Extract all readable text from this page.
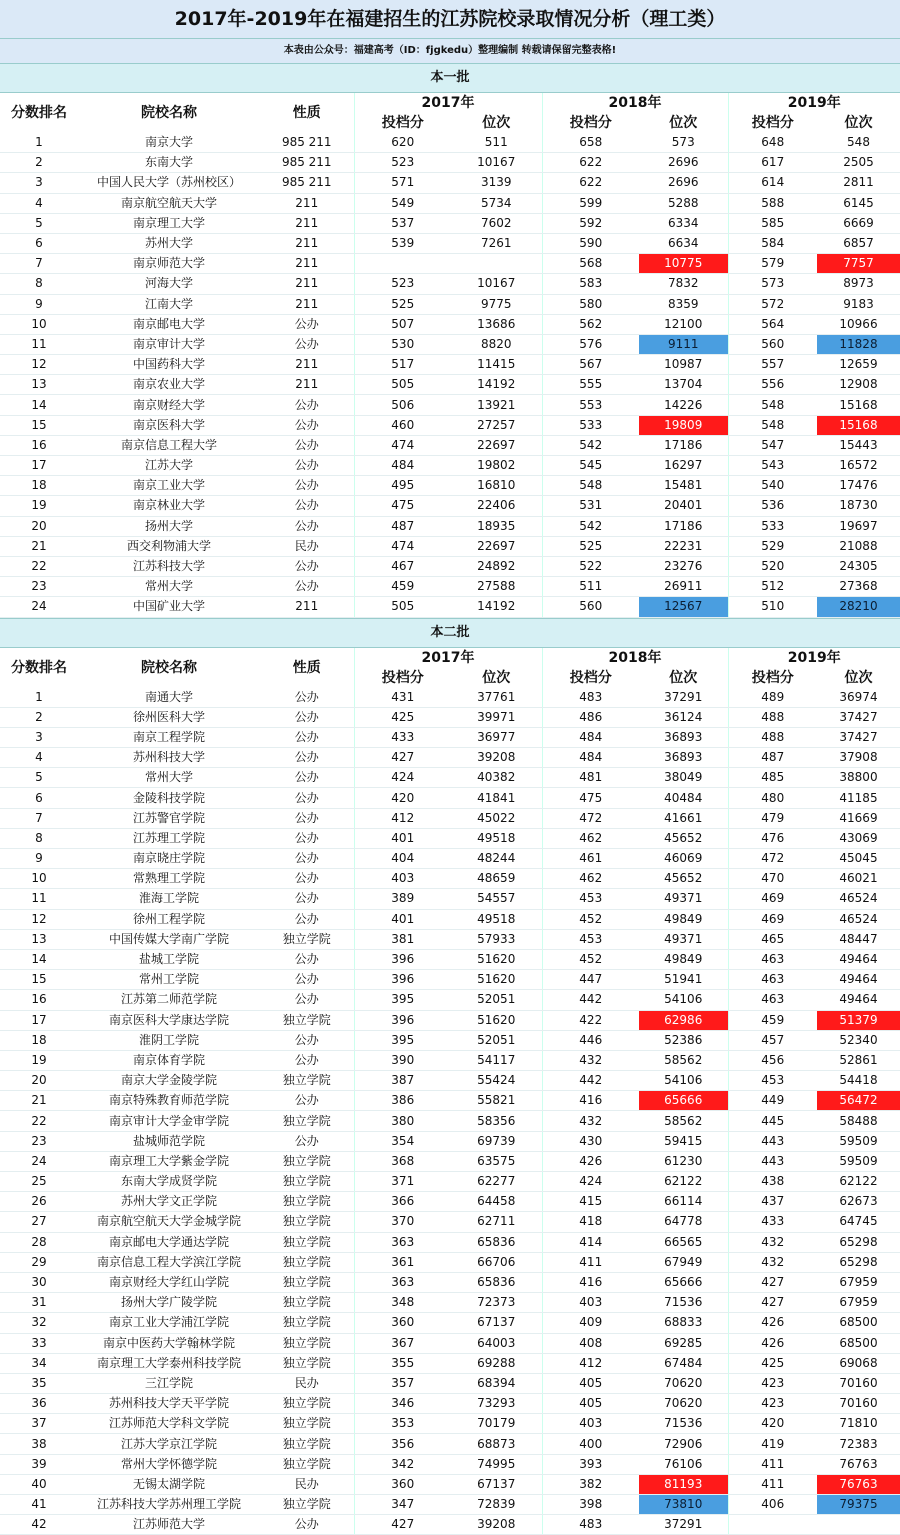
2017年-2019年在福建招生的江苏院校录取情况分析（理工类）
本表由公众号：福建高考（ID：fjgkedu）整理编制 转载请保留完整表格!
本一批
分数排名	院校名称	性质	2017年		2018年		2019年	
			投档分	位次	投档分	位次	投档分	位次
1	南京大学	985 211	620	511	658	573	648	548
2	东南大学	985 211	523	10167	622	2696	617	2505
3	中国人民大学（苏州校区）	985 211	571	3139	622	2696	614	2811
4	南京航空航天大学	211	549	5734	599	5288	588	6145
5	南京理工大学	211	537	7602	592	6334	585	6669
6	苏州大学	211	539	7261	590	6634	584	6857
7	南京师范大学	211			568	10775	579	7757
8	河海大学	211	523	10167	583	7832	573	8973
9	江南大学	211	525	9775	580	8359	572	9183
10	南京邮电大学	公办	507	13686	562	12100	564	10966
11	南京审计大学	公办	530	8820	576	9111	560	11828
12	中国药科大学	211	517	11415	567	10987	557	12659
13	南京农业大学	211	505	14192	555	13704	556	12908
14	南京财经大学	公办	506	13921	553	14226	548	15168
15	南京医科大学	公办	460	27257	533	19809	548	15168
16	南京信息工程大学	公办	474	22697	542	17186	547	15443
17	江苏大学	公办	484	19802	545	16297	543	16572
18	南京工业大学	公办	495	16810	548	15481	540	17476
19	南京林业大学	公办	475	22406	531	20401	536	18730
20	扬州大学	公办	487	18935	542	17186	533	19697
21	西交利物浦大学	民办	474	22697	525	22231	529	21088
22	江苏科技大学	公办	467	24892	522	23276	520	24305
23	常州大学	公办	459	27588	511	26911	512	27368
24	中国矿业大学	211	505	14192	560	12567	510	28210
本二批
分数排名	院校名称	性质	2017年		2018年		2019年	
			投档分	位次	投档分	位次	投档分	位次
1	南通大学	公办	431	37761	483	37291	489	36974
2	徐州医科大学	公办	425	39971	486	36124	488	37427
3	南京工程学院	公办	433	36977	484	36893	488	37427
4	苏州科技大学	公办	427	39208	484	36893	487	37908
5	常州大学	公办	424	40382	481	38049	485	38800
6	金陵科技学院	公办	420	41841	475	40484	480	41185
7	江苏警官学院	公办	412	45022	472	41661	479	41669
8	江苏理工学院	公办	401	49518	462	45652	476	43069
9	南京晓庄学院	公办	404	48244	461	46069	472	45045
10	常熟理工学院	公办	403	48659	462	45652	470	46021
11	淮海工学院	公办	389	54557	453	49371	469	46524
12	徐州工程学院	公办	401	49518	452	49849	469	46524
13	中国传媒大学南广学院	独立学院	381	57933	453	49371	465	48447
14	盐城工学院	公办	396	51620	452	49849	463	49464
15	常州工学院	公办	396	51620	447	51941	463	49464
16	江苏第二师范学院	公办	395	52051	442	54106	463	49464
17	南京医科大学康达学院	独立学院	396	51620	422	62986	459	51379
18	淮阴工学院	公办	395	52051	446	52386	457	52340
19	南京体育学院	公办	390	54117	432	58562	456	52861
20	南京大学金陵学院	独立学院	387	55424	442	54106	453	54418
21	南京特殊教育师范学院	公办	386	55821	416	65666	449	56472
22	南京审计大学金审学院	独立学院	380	58356	432	58562	445	58488
23	盐城师范学院	公办	354	69739	430	59415	443	59509
24	南京理工大学紫金学院	独立学院	368	63575	426	61230	443	59509
25	东南大学成贤学院	独立学院	371	62277	424	62122	438	62122
26	苏州大学文正学院	独立学院	366	64458	415	66114	437	62673
27	南京航空航天大学金城学院	独立学院	370	62711	418	64778	433	64745
28	南京邮电大学通达学院	独立学院	363	65836	414	66565	432	65298
29	南京信息工程大学滨江学院	独立学院	361	66706	411	67949	432	65298
30	南京财经大学红山学院	独立学院	363	65836	416	65666	427	67959
31	扬州大学广陵学院	独立学院	348	72373	403	71536	427	67959
32	南京工业大学浦江学院	独立学院	360	67137	409	68833	426	68500
33	南京中医药大学翰林学院	独立学院	367	64003	408	69285	426	68500
34	南京理工大学泰州科技学院	独立学院	355	69288	412	67484	425	69068
35	三江学院	民办	357	68394	405	70620	423	70160
36	苏州科技大学天平学院	独立学院	346	73293	405	70620	423	70160
37	江苏师范大学科文学院	独立学院	353	70179	403	71536	420	71810
38	江苏大学京江学院	独立学院	356	68873	400	72906	419	72383
39	常州大学怀德学院	独立学院	342	74995	393	76106	411	76763
40	无锡太湖学院	民办	360	67137	382	81193	411	76763
41	江苏科技大学苏州理工学院	独立学院	347	72839	398	73810	406	79375
42	江苏师范大学	公办	427	39208	483	37291		
